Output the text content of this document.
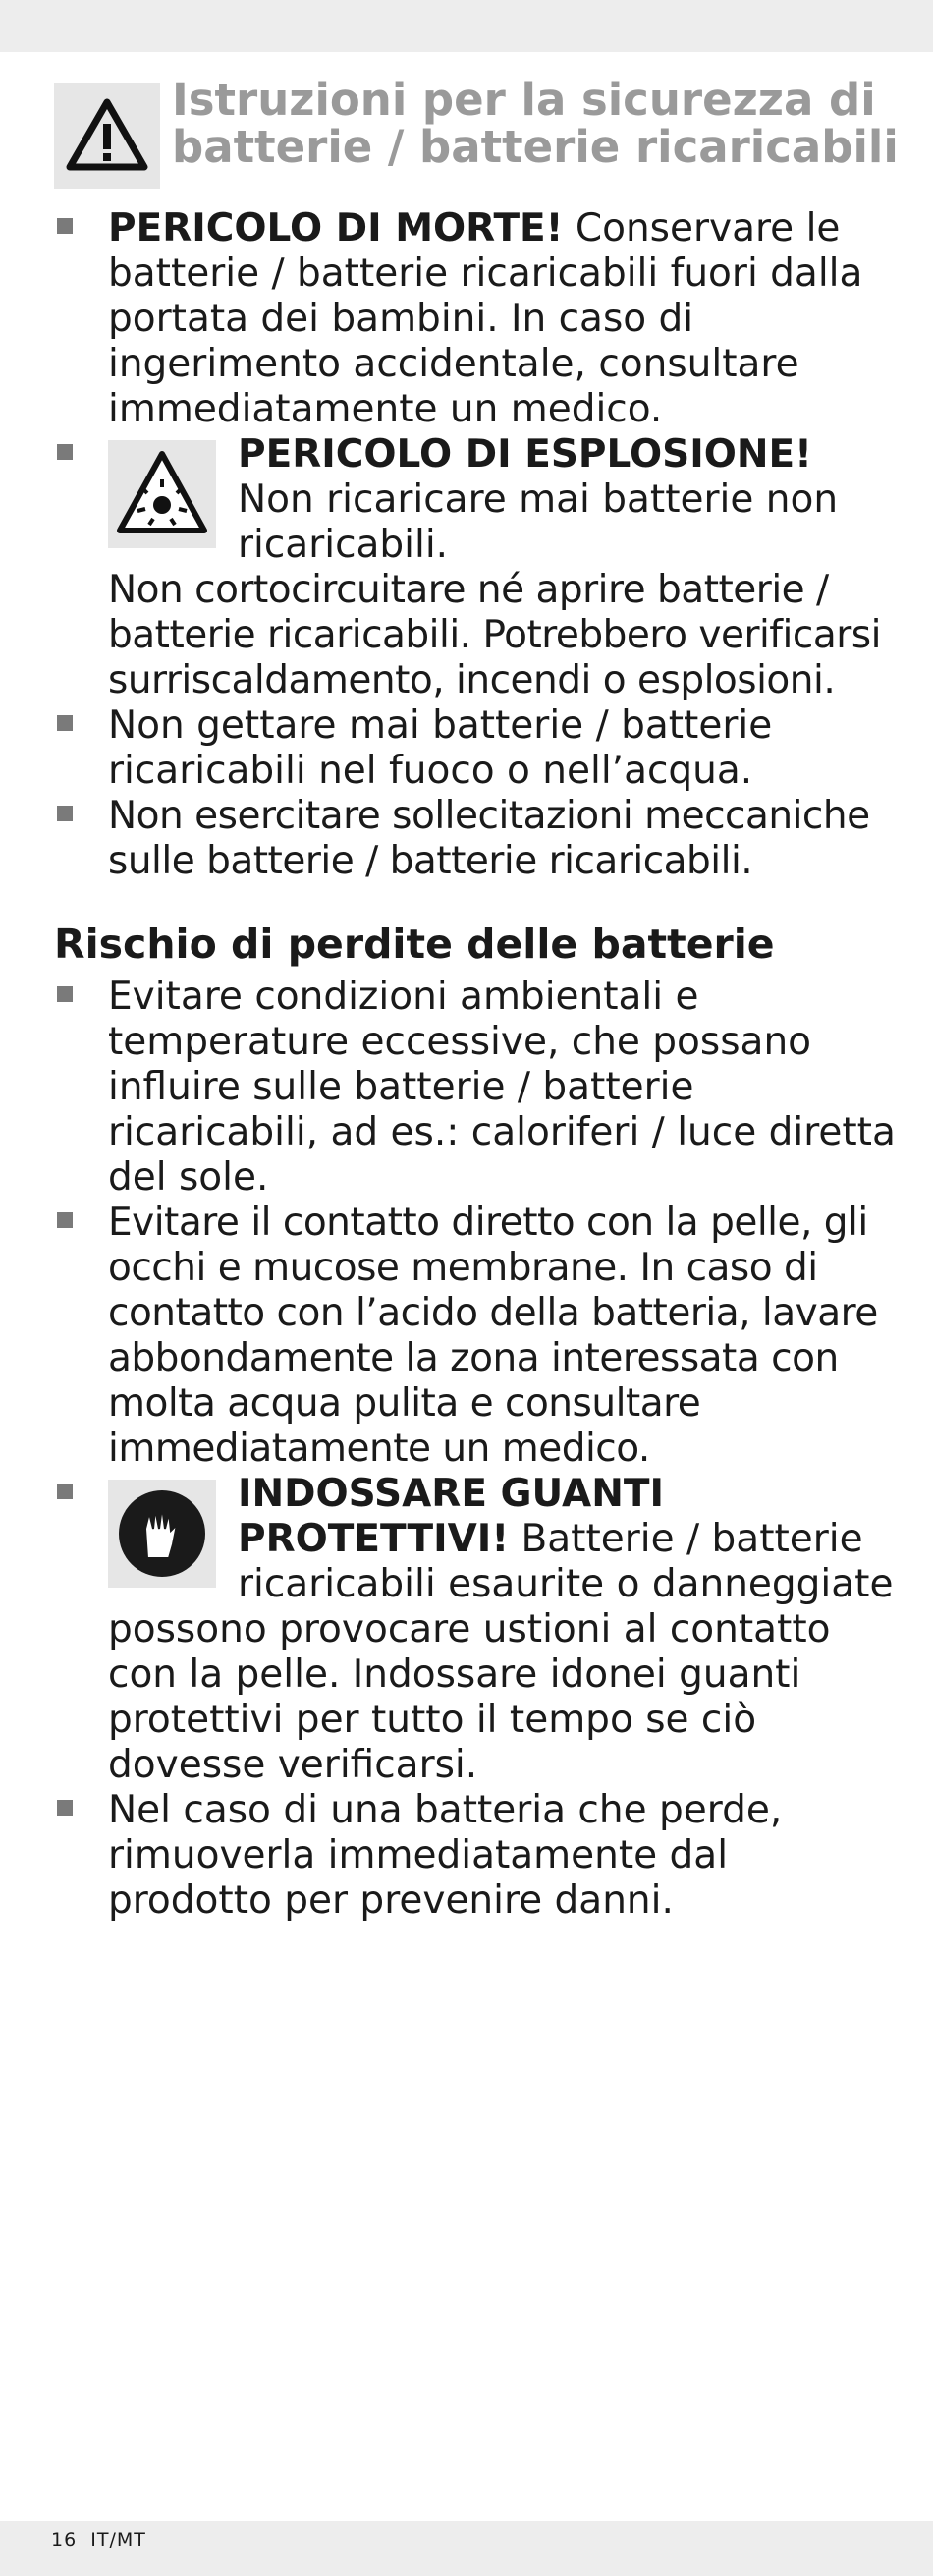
Istruzioni per la sicurezza di
batterie / batterie ricaricabili
PERICOLO DI MORTE! Conservare le batterie / batterie ricaricabili fuori dalla portata dei bambini. In caso di ingerimento accidentale, consultare immediatamente un medico.
PERICOLO DI ESPLOSIONE!
Non ricaricare mai batterie non ricaricabili.
Non cortocircuitare né aprire batterie / batterie ricaricabili. Potrebbero verificarsi surriscaldamento, incendi o esplosioni.
Non gettare mai batterie / batterie ricaricabili nel fuoco o nell’acqua.
Non esercitare sollecitazioni meccaniche sulle batterie / batterie ricaricabili.
Rischio di perdite delle batterie
Evitare condizioni ambientali e temperature eccessive, che possano influire sulle batterie / batterie ricaricabili, ad es.: caloriferi / luce diretta del sole.
Evitare il contatto diretto con la pelle, gli occhi e mucose membrane. In caso di contatto con l’acido della batteria, lavare abbondamente la zona interessata con molta acqua pulita e consultare immediatamente un medico.
INDOSSARE GUANTI
PROTETTIVI! Batterie / batterie ricaricabili esaurite o danneggiate possono provocare ustioni al contatto con la pelle. Indossare idonei guanti protettivi per tutto il tempo se ciò dovesse verificarsi.
Nel caso di una batteria che perde, rimuoverla immediatamente dal prodotto per prevenire danni.
16 IT/MT
